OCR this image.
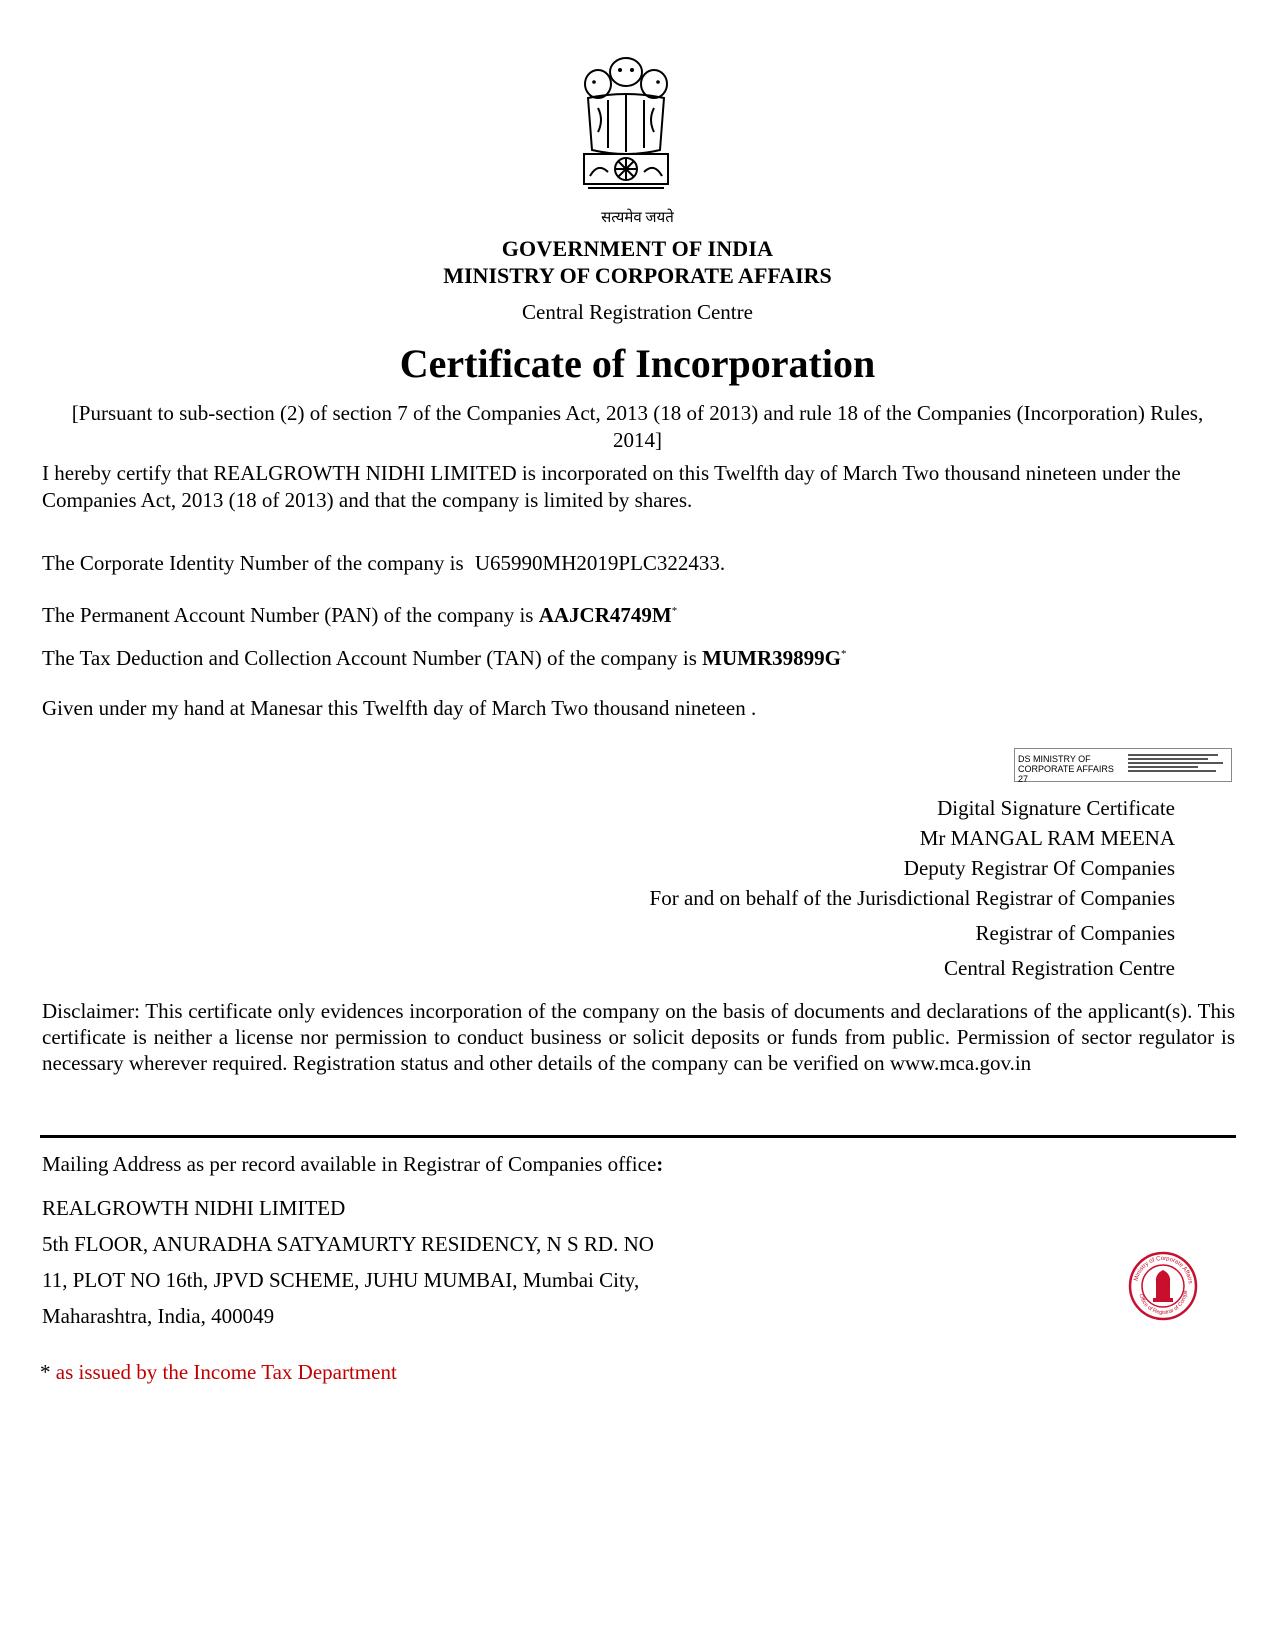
सत्यमेव जयते
GOVERNMENT OF INDIA
MINISTRY OF CORPORATE AFFAIRS
Central Registration Centre
Certificate of Incorporation
[Pursuant to sub-section (2) of section 7 of the Companies Act, 2013 (18 of 2013) and rule 18 of the Companies (Incorporation) Rules, 2014]
I hereby certify that REALGROWTH NIDHI LIMITED is incorporated on this Twelfth day of March Two thousand nineteen under the Companies Act, 2013 (18 of 2013) and that the company is limited by shares.
The Corporate Identity Number of the company is U65990MH2019PLC322433.
The Permanent Account Number (PAN) of the company is AAJCR4749M*
The Tax Deduction and Collection Account Number (TAN) of the company is MUMR39899G*
Given under my hand at Manesar this Twelfth day of March Two thousand nineteen .
DS MINISTRY OF CORPORATE AFFAIRS 27
Digital Signature Certificate
Mr MANGAL RAM MEENA
Deputy Registrar Of Companies
For and on behalf of the Jurisdictional Registrar of Companies
Registrar of Companies
Central Registration Centre
Disclaimer: This certificate only evidences incorporation of the company on the basis of documents and declarations of the applicant(s). This certificate is neither a license nor permission to conduct business or solicit deposits or funds from public. Permission of sector regulator is necessary wherever required. Registration status and other details of the company can be verified on www.mca.gov.in
Mailing Address as per record available in Registrar of Companies office:
REALGROWTH NIDHI LIMITED
5th FLOOR, ANURADHA SATYAMURTY RESIDENCY, N S RD. NO
11, PLOT NO 16th, JPVD SCHEME, JUHU MUMBAI, Mumbai City,
Maharashtra, India, 400049
* as issued by the Income Tax Department
Ministry of Corporate Affairs
Office of Registrar of Compa
